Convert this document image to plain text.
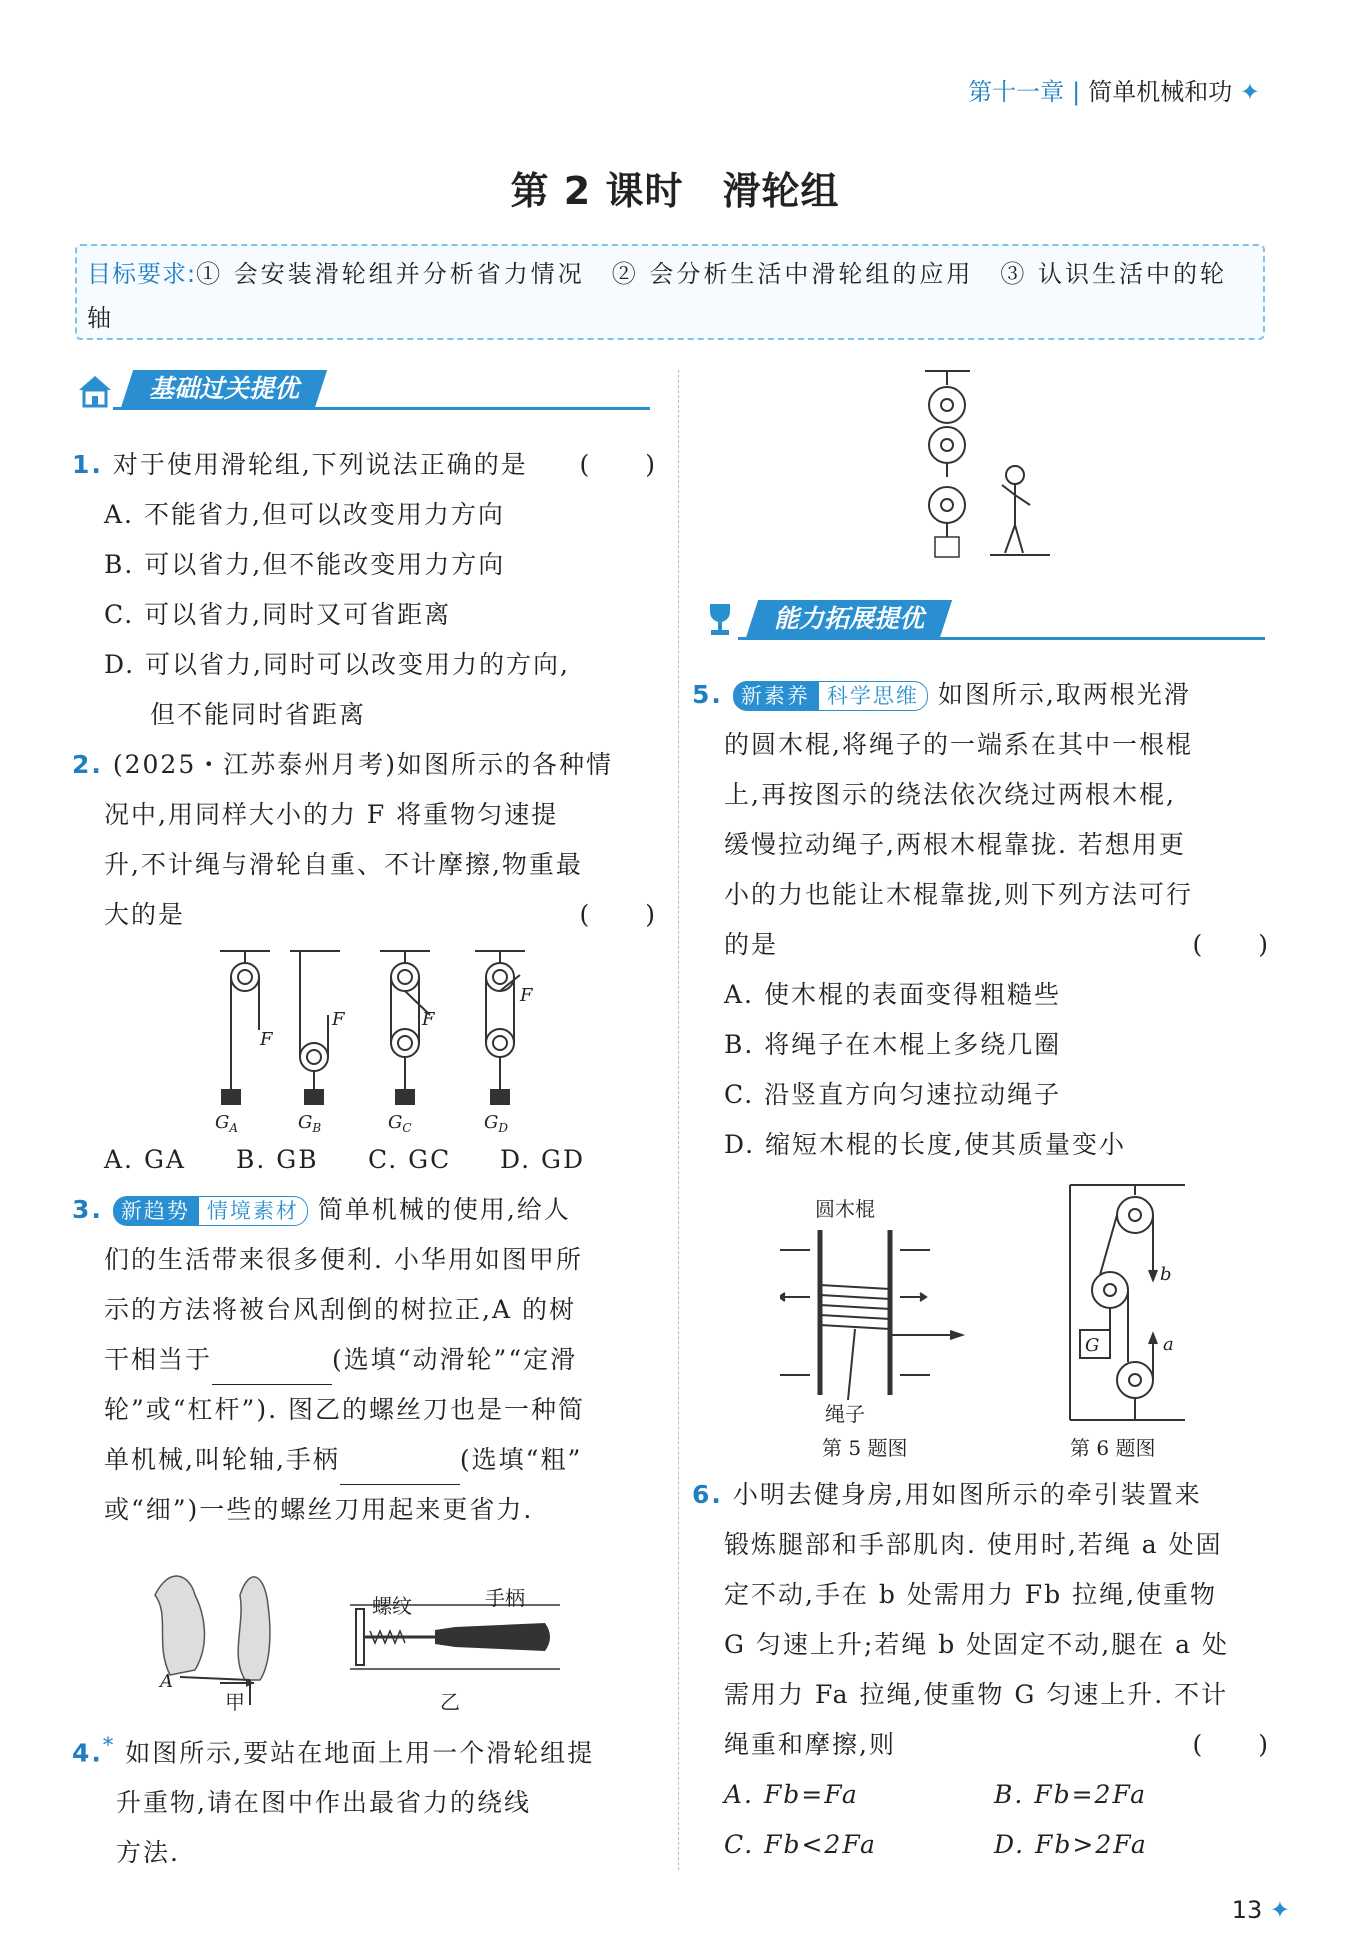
第十一章 | 简单机械和功 ✦
第 2 课时　滑轮组
目标要求:① 会安装滑轮组并分析省力情况　② 会分析生活中滑轮组的应用　③ 认识生活中的轮轴
基础过关提优
1. 对于使用滑轮组,下列说法正确的是 (　　)
A. 不能省力,但可以改变用力方向
B. 可以省力,但不能改变用力方向
C. 可以省力,同时又可省距离
D. 可以省力,同时可以改变用力的方向,
但不能同时省距离
2. (2025・江苏泰州月考)如图所示的各种情
况中,用同样大小的力 F 将重物匀速提
升,不计绳与滑轮自重、不计摩擦,物重最
大的是	(　　)
F
F	F
F
$G_A$	$G_B$	$G_C$	$G_D$
A. GA B. GB C. GC D. GD
3. 新趋势 情境素材 简单机械的使用,给人
们的生活带来很多便利. 小华用如图甲所
示的方法将被台风刮倒的树拉正,A 的树
干相当于	(选填“动滑轮”“定滑
轮”或“杠杆”). 图乙的螺丝刀也是一种简
单机械,叫轮轴,手柄	(选填“粗”
或“细”)一些的螺丝刀用起来更省力.
A
甲
螺纹	手柄
乙
4.* 如图所示,要站在地面上用一个滑轮组提
升重物,请在图中作出最省力的绕线
方法.
能力拓展提优
5. 新素养 科学思维 如图所示,取两根光滑
的圆木棍,将绳子的一端系在其中一根棍
上,再按图示的绕法依次绕过两根木棍,
缓慢拉动绳子,两根木棍靠拢. 若想用更
小的力也能让木棍靠拢,则下列方法可行
的是	(　　)
A. 使木棍的表面变得粗糙些
B. 将绳子在木棍上多绕几圈
C. 沿竖直方向匀速拉动绳子
D. 缩短木棍的长度,使其质量变小
圆木棍
绳子
第 5 题图
G
b
a
第 6 题图
6. 小明去健身房,用如图所示的牵引装置来
锻炼腿部和手部肌肉. 使用时,若绳 a 处固
定不动,手在 b 处需用力 Fb 拉绳,使重物
G 匀速上升;若绳 b 处固定不动,腿在 a 处
需用力 Fa 拉绳,使重物 G 匀速上升. 不计
绳重和摩擦,则	(　　)
A. Fb=Fa	B. Fb=2Fa
C. Fb<2Fa	D. Fb>2Fa
13 ✦
